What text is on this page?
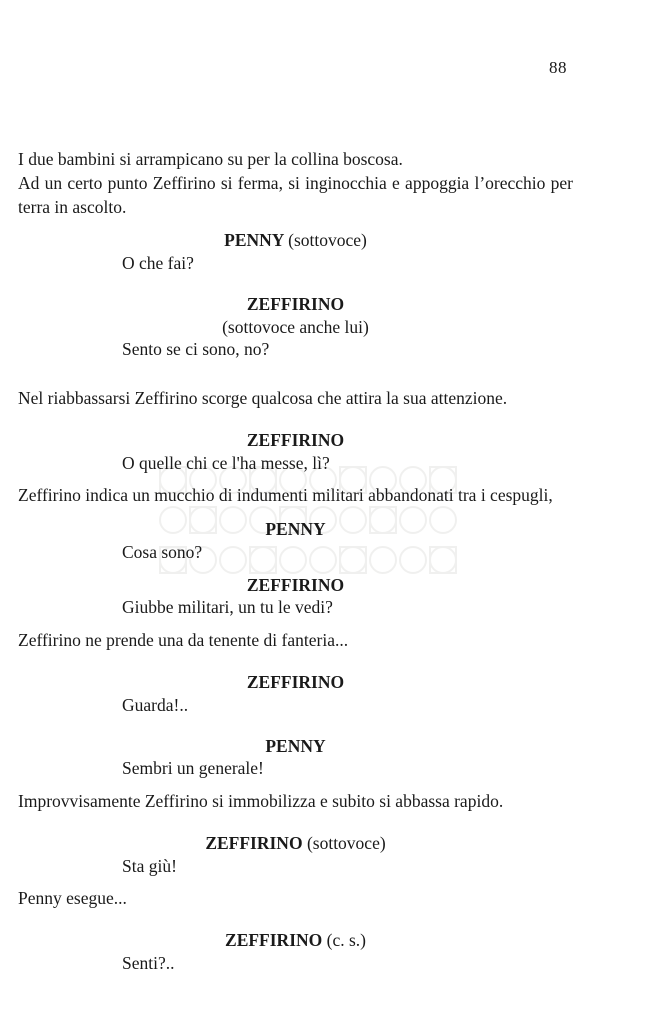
88

I due bambini si arrampicano su per la collina boscosa.

Ad un certo punto Zeffirino si ferma, si inginocchia e appoggia l’orecchio per terra in ascolto.

PENNY (sottovoce)

O che fai?

ZEFFIRINO

(sottovoce anche lui)

Sento se ci sono, no?

Nel riabbassarsi Zeffirino scorge qualcosa che attira la sua attenzione.

ZEFFIRINO

O quelle chi ce l'ha messe, lì?

Zeffirino indica un mucchio di indumenti militari abbandonati tra i cespugli,

PENNY

Cosa sono?

ZEFFIRINO

Giubbe militari, un tu le vedi?

Zeffirino ne prende una da tenente di fanteria...

ZEFFIRINO

Guarda!..

PENNY

Sembri un generale!

Improvvisamente Zeffirino si immobilizza e subito si abbassa rapido.

ZEFFIRINO (sottovoce)

Sta giù!

Penny esegue...

ZEFFIRINO (c. s.)

Senti?..
